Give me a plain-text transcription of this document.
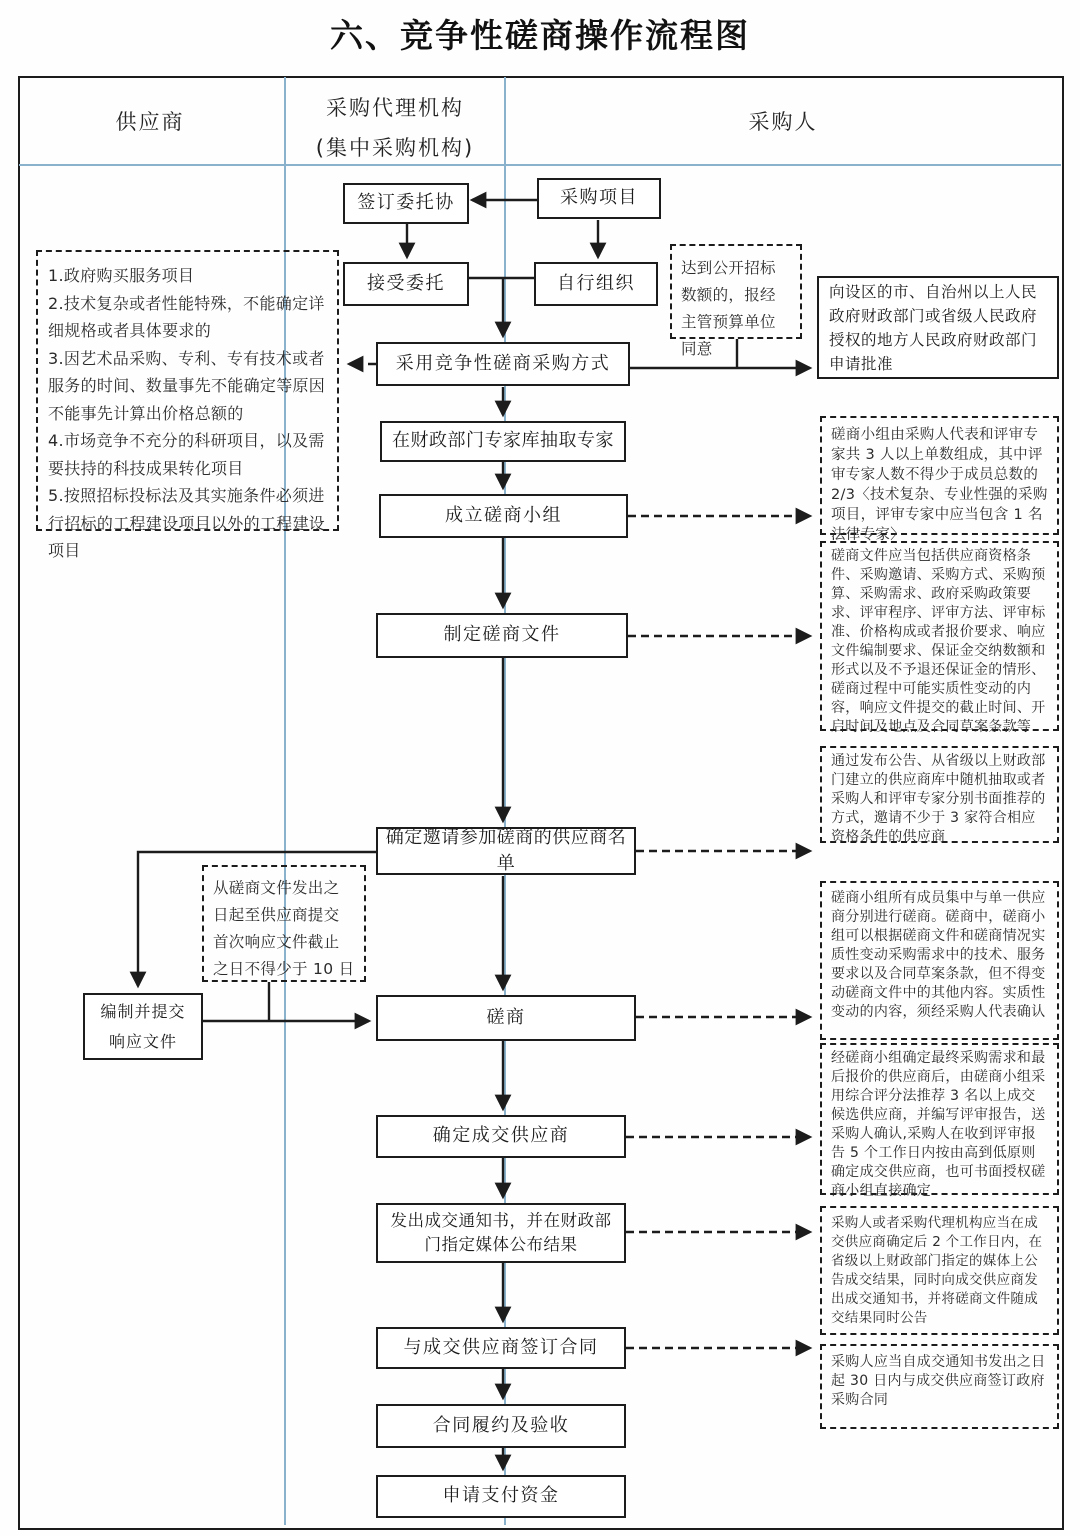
六、竞争性磋商操作流程图
供应商
采购代理机构
(集中采购机构)
采购人
签订委托协	采购项目
接受委托	自行组织
采用竞争性磋商采购方式
在财政部门专家库抽取专家
成立磋商小组
制定磋商文件
确定邀请参加磋商的供应商名单
磋商
确定成交供应商
发出成交通知书，并在财政部门指定媒体公布结果
与成交供应商签订合同
合同履约及验收
申请支付资金
编制并提交
响应文件
向设区的市、自治州以上人民政府财政部门或省级人民政府授权的地方人民政府财政部门申请批准

1.政府购买服务项目

2.技术复杂或者性能特殊，不能确定详细规格或者具体要求的

3.因艺术品采购、专利、专有技术或者服务的时间、数量事先不能确定等原因不能事先计算出价格总额的

4.市场竞争不充分的科研项目，以及需要扶持的科技成果转化项目

5.按照招标投标法及其实施条件必须进行招标的工程建设项目以外的工程建设项目

达到公开招标数额的，报经主管预算单位同意
磋商小组由采购人代表和评审专家共 3 人以上单数组成，其中评审专家人数不得少于成员总数的 2/3〈技术复杂、专业性强的采购项目，评审专家中应当包含 1 名法律专家〉
磋商文件应当包括供应商资格条件、采购邀请、采购方式、采购预算、采购需求、政府采购政策要求、评审程序、评审方法、评审标准、价格构成或者报价要求、响应文件编制要求、保证金交纳数额和形式以及不予退还保证金的情形、磋商过程中可能实质性变动的内容，响应文件提交的截止时间、开启时间及地点及合同草案条款等
通过发布公告、从省级以上财政部门建立的供应商库中随机抽取或者采购人和评审专家分别书面推荐的方式，邀请不少于 3 家符合相应资格条件的供应商
从磋商文件发出之日起至供应商提交首次响应文件截止之日不得少于 10 日
磋商小组所有成员集中与单一供应商分别进行磋商。磋商中，磋商小组可以根据磋商文件和磋商情况实质性变动采购需求中的技术、服务要求以及合同草案条款，但不得变动磋商文件中的其他内容。实质性变动的内容，须经采购人代表确认
经磋商小组确定最终采购需求和最后报价的供应商后，由磋商小组采用综合评分法推荐 3 名以上成交候选供应商，并编写评审报告，送采购人确认,采购人在收到评审报告 5 个工作日内按由高到低原则确定成交供应商，也可书面授权磋商小组直接确定
采购人或者采购代理机构应当在成交供应商确定后 2 个工作日内，在省级以上财政部门指定的媒体上公告成交结果，同时向成交供应商发出成交通知书，并将磋商文件随成交结果同时公告
采购人应当自成交通知书发出之日起 30 日内与成交供应商签订政府采购合同
